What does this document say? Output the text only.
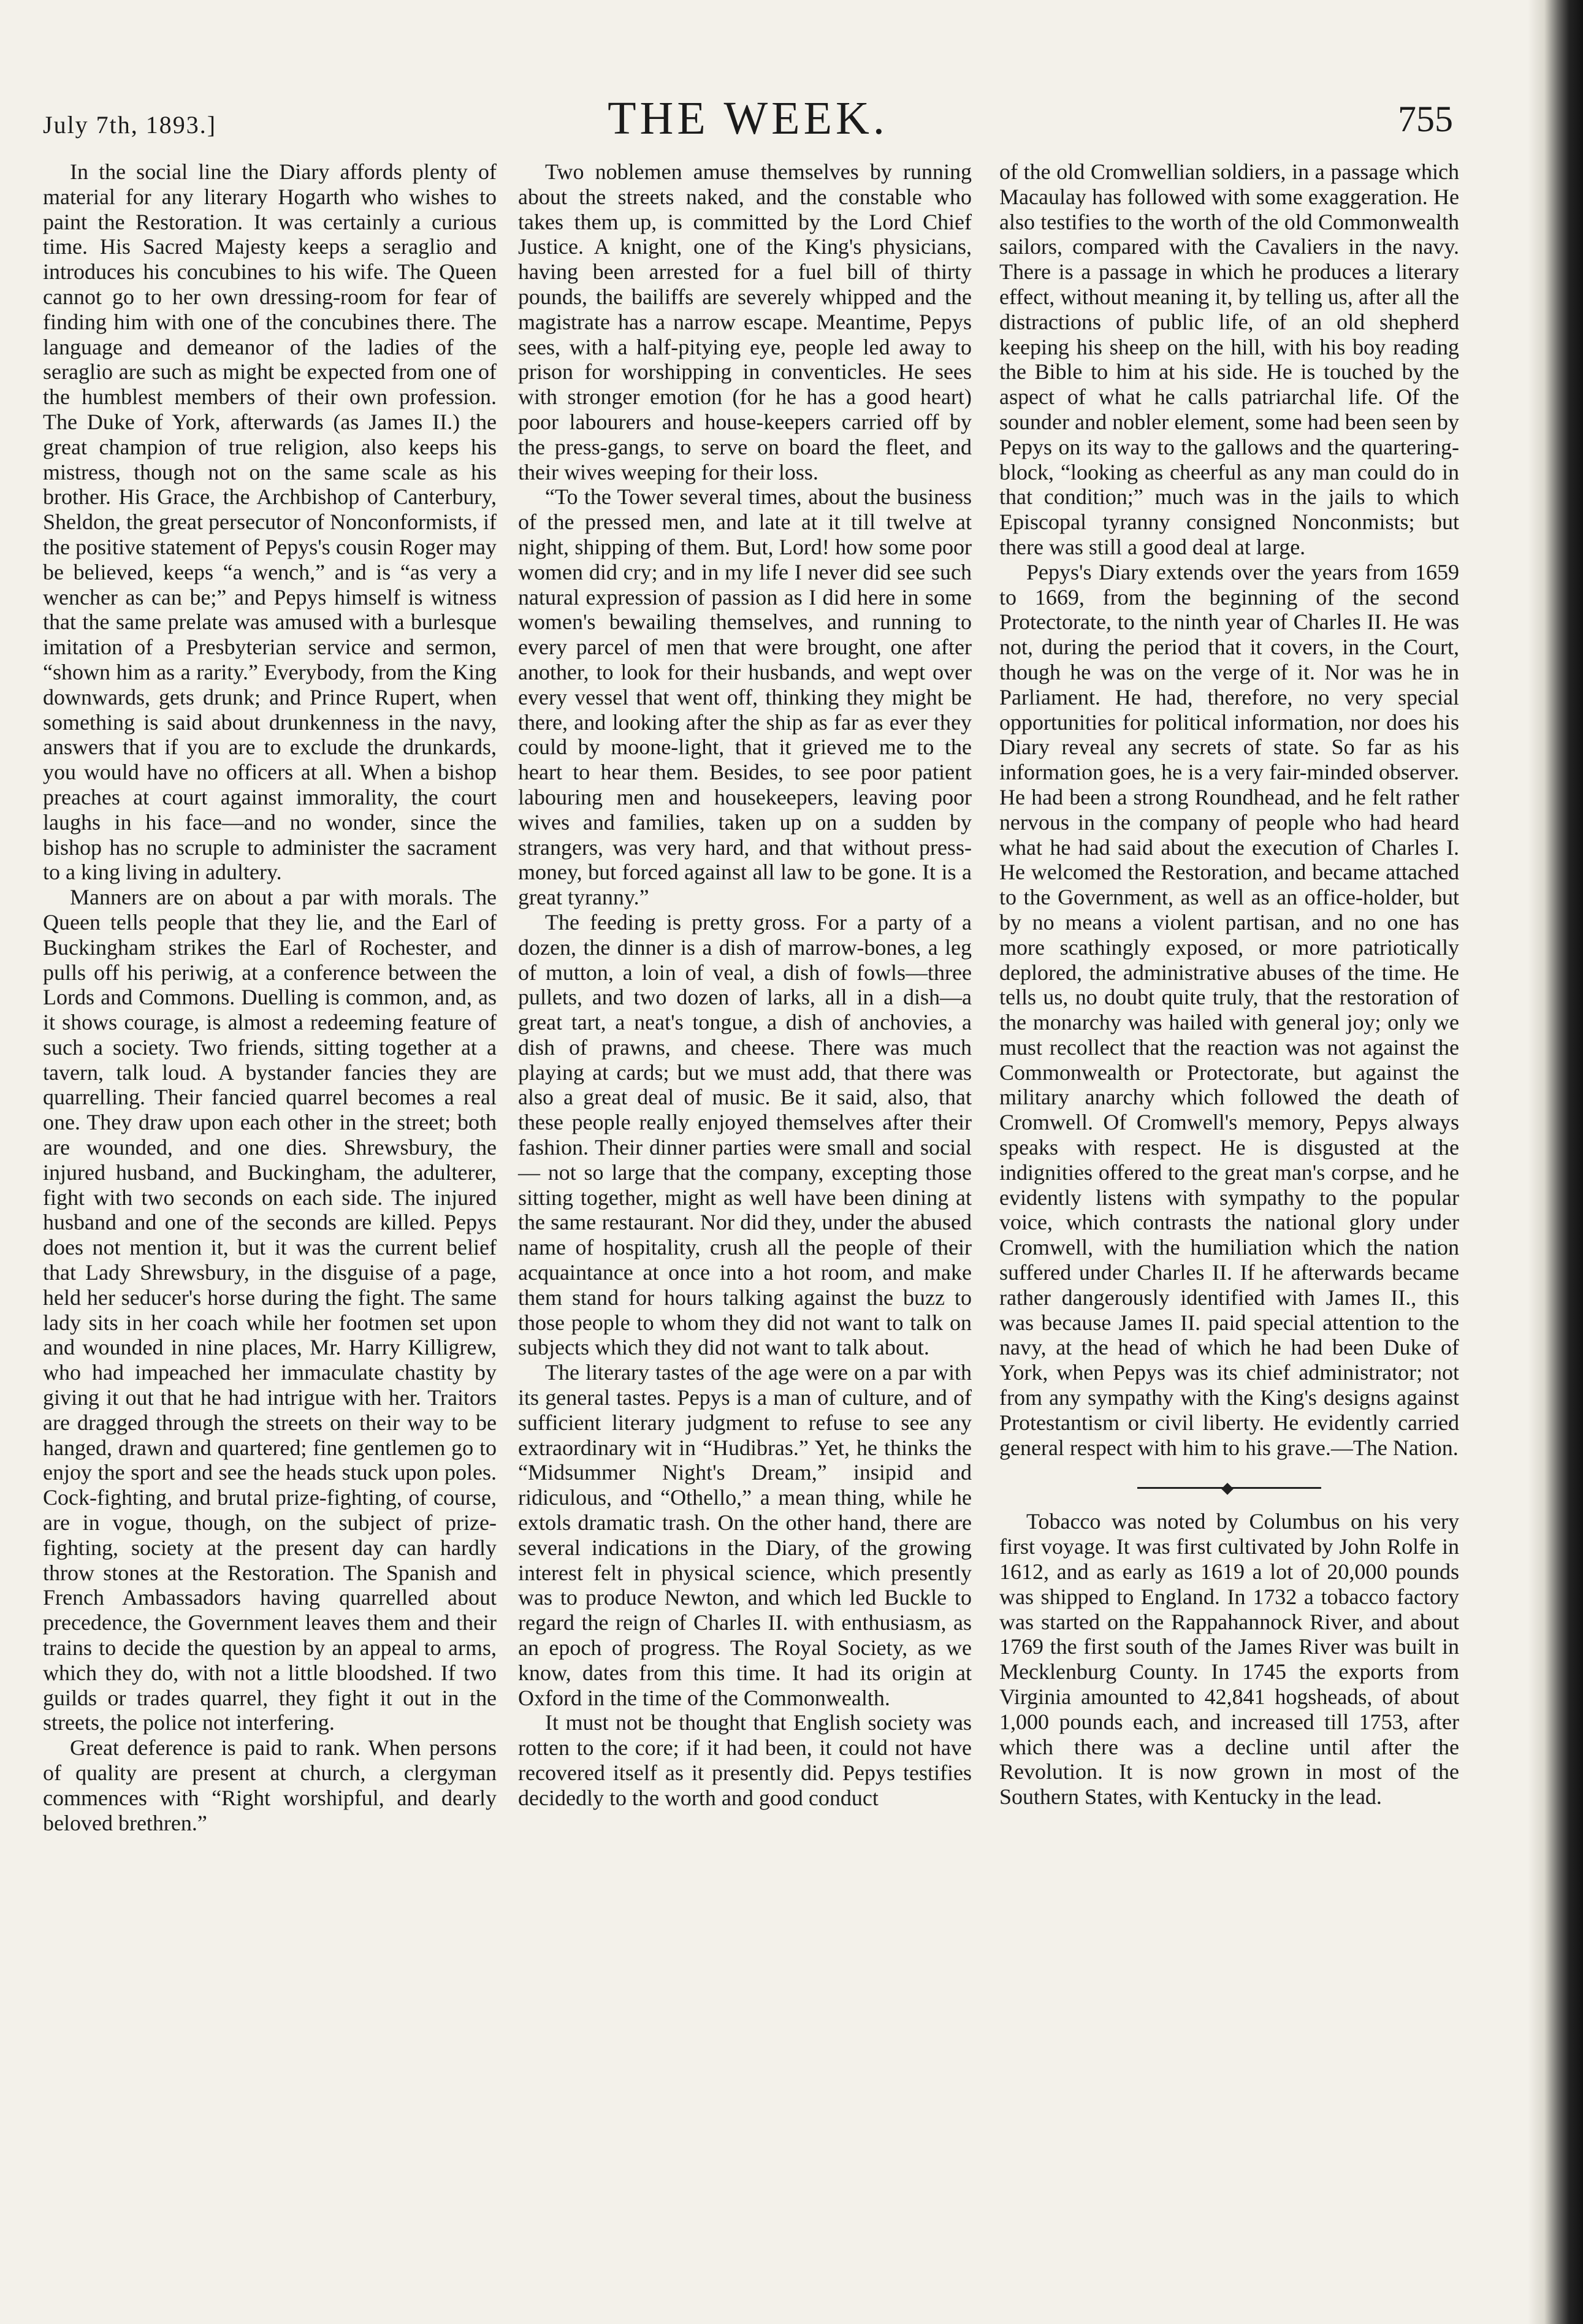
July 7th, 1893.]	THE WEEK.	755

In the social line the Diary affords plenty of material for any literary Hogarth who wishes to paint the Restoration. It was certainly a curious time. His Sacred Majesty keeps a seraglio and introduces his concubines to his wife. The Queen cannot go to her own dressing-room for fear of finding him with one of the concubines there. The language and demeanor of the ladies of the seraglio are such as might be expected from one of the humblest members of their own profession. The Duke of York, afterwards (as James II.) the great champion of true religion, also keeps his mistress, though not on the same scale as his brother. His Grace, the Archbishop of Canterbury, Sheldon, the great persecutor of Nonconformists, if the positive statement of Pepys's cousin Roger may be believed, keeps “a wench,” and is “as very a wencher as can be;” and Pepys himself is witness that the same prelate was amused with a burlesque imitation of a Presbyterian service and sermon, “shown him as a rarity.” Everybody, from the King downwards, gets drunk; and Prince Rupert, when something is said about drunkenness in the navy, answers that if you are to exclude the drunkards, you would have no officers at all. When a bishop preaches at court against immorality, the court laughs in his face—and no wonder, since the bishop has no scruple to administer the sacrament to a king living in adultery.

Manners are on about a par with morals. The Queen tells people that they lie, and the Earl of Buckingham strikes the Earl of Rochester, and pulls off his periwig, at a conference between the Lords and Commons. Duelling is common, and, as it shows courage, is almost a redeeming feature of such a society. Two friends, sitting together at a tavern, talk loud. A bystander fancies they are quarrelling. Their fancied quarrel becomes a real one. They draw upon each other in the street; both are wounded, and one dies. Shrewsbury, the injured husband, and Buckingham, the adulterer, fight with two seconds on each side. The injured husband and one of the seconds are killed. Pepys does not mention it, but it was the current belief that Lady Shrewsbury, in the disguise of a page, held her seducer's horse during the fight. The same lady sits in her coach while her footmen set upon and wounded in nine places, Mr. Harry Killigrew, who had impeached her immaculate chastity by giving it out that he had intrigue with her. Traitors are dragged through the streets on their way to be hanged, drawn and quartered; fine gentlemen go to enjoy the sport and see the heads stuck upon poles. Cock-fighting, and brutal prize-fighting, of course, are in vogue, though, on the subject of prize-fighting, society at the present day can hardly throw stones at the Restoration. The Spanish and French Ambassadors having quarrelled about precedence, the Government leaves them and their trains to decide the question by an appeal to arms, which they do, with not a little bloodshed. If two guilds or trades quarrel, they fight it out in the streets, the police not interfering.

Great deference is paid to rank. When persons of quality are present at church, a clergyman commences with “Right worshipful, and dearly beloved brethren.”

Two noblemen amuse themselves by running about the streets naked, and the constable who takes them up, is committed by the Lord Chief Justice. A knight, one of the King's physicians, having been arrested for a fuel bill of thirty pounds, the bailiffs are severely whipped and the magistrate has a narrow escape. Meantime, Pepys sees, with a half-pitying eye, people led away to prison for worshipping in conventicles. He sees with stronger emotion (for he has a good heart) poor labourers and house-keepers carried off by the press-gangs, to serve on board the fleet, and their wives weeping for their loss.

“To the Tower several times, about the business of the pressed men, and late at it till twelve at night, shipping of them. But, Lord! how some poor women did cry; and in my life I never did see such natural expression of passion as I did here in some women's bewailing themselves, and running to every parcel of men that were brought, one after another, to look for their husbands, and wept over every vessel that went off, thinking they might be there, and looking after the ship as far as ever they could by moone-light, that it grieved me to the heart to hear them. Besides, to see poor patient labouring men and housekeepers, leaving poor wives and families, taken up on a sudden by strangers, was very hard, and that without press-money, but forced against all law to be gone. It is a great tyranny.”

The feeding is pretty gross. For a party of a dozen, the dinner is a dish of marrow-bones, a leg of mutton, a loin of veal, a dish of fowls—three pullets, and two dozen of larks, all in a dish—a great tart, a neat's tongue, a dish of anchovies, a dish of prawns, and cheese. There was much playing at cards; but we must add, that there was also a great deal of music. Be it said, also, that these people really enjoyed themselves after their fashion. Their dinner parties were small and social— not so large that the company, excepting those sitting together, might as well have been dining at the same restaurant. Nor did they, under the abused name of hospitality, crush all the people of their acquaintance at once into a hot room, and make them stand for hours talking against the buzz to those people to whom they did not want to talk on subjects which they did not want to talk about.

The literary tastes of the age were on a par with its general tastes. Pepys is a man of culture, and of sufficient literary judgment to refuse to see any extraordinary wit in “Hudibras.” Yet, he thinks the “Midsummer Night's Dream,” insipid and ridiculous, and “Othello,” a mean thing, while he extols dramatic trash. On the other hand, there are several indications in the Diary, of the growing interest felt in physical science, which presently was to produce Newton, and which led Buckle to regard the reign of Charles II. with enthusiasm, as an epoch of progress. The Royal Society, as we know, dates from this time. It had its origin at Oxford in the time of the Commonwealth.

It must not be thought that English society was rotten to the core; if it had been, it could not have recovered itself as it presently did. Pepys testifies decidedly to the worth and good conduct

of the old Cromwellian soldiers, in a passage which Macaulay has followed with some exaggeration. He also testifies to the worth of the old Commonwealth sailors, compared with the Cavaliers in the navy. There is a passage in which he produces a literary effect, without meaning it, by telling us, after all the distractions of public life, of an old shepherd keeping his sheep on the hill, with his boy reading the Bible to him at his side. He is touched by the aspect of what he calls patriarchal life. Of the sounder and nobler element, some had been seen by Pepys on its way to the gallows and the quartering-block, “looking as cheerful as any man could do in that condition;” much was in the jails to which Episcopal tyranny consigned Nonconmists; but there was still a good deal at large.

Pepys's Diary extends over the years from 1659 to 1669, from the beginning of the second Protectorate, to the ninth year of Charles II. He was not, during the period that it covers, in the Court, though he was on the verge of it. Nor was he in Parliament. He had, therefore, no very special opportunities for political information, nor does his Diary reveal any secrets of state. So far as his information goes, he is a very fair-minded observer. He had been a strong Roundhead, and he felt rather nervous in the company of people who had heard what he had said about the execution of Charles I. He welcomed the Restoration, and became attached to the Government, as well as an office-holder, but by no means a violent partisan, and no one has more scathingly exposed, or more patriotically deplored, the administrative abuses of the time. He tells us, no doubt quite truly, that the restoration of the monarchy was hailed with general joy; only we must recollect that the reaction was not against the Commonwealth or Protectorate, but against the military anarchy which followed the death of Cromwell. Of Cromwell's memory, Pepys always speaks with respect. He is disgusted at the indignities offered to the great man's corpse, and he evidently listens with sympathy to the popular voice, which contrasts the national glory under Cromwell, with the humiliation which the nation suffered under Charles II. If he afterwards became rather dangerously identified with James II., this was because James II. paid special attention to the navy, at the head of which he had been Duke of York, when Pepys was its chief administrator; not from any sympathy with the King's designs against Protestantism or civil liberty. He evidently carried general respect with him to his grave.—The Nation.

Tobacco was noted by Columbus on his very first voyage. It was first cultivated by John Rolfe in 1612, and as early as 1619 a lot of 20,000 pounds was shipped to England. In 1732 a tobacco factory was started on the Rappahannock River, and about 1769 the first south of the James River was built in Mecklenburg County. In 1745 the exports from Virginia amounted to 42,841 hogsheads, of about 1,000 pounds each, and increased till 1753, after which there was a decline until after the Revolution. It is now grown in most of the Southern States, with Kentucky in the lead.
